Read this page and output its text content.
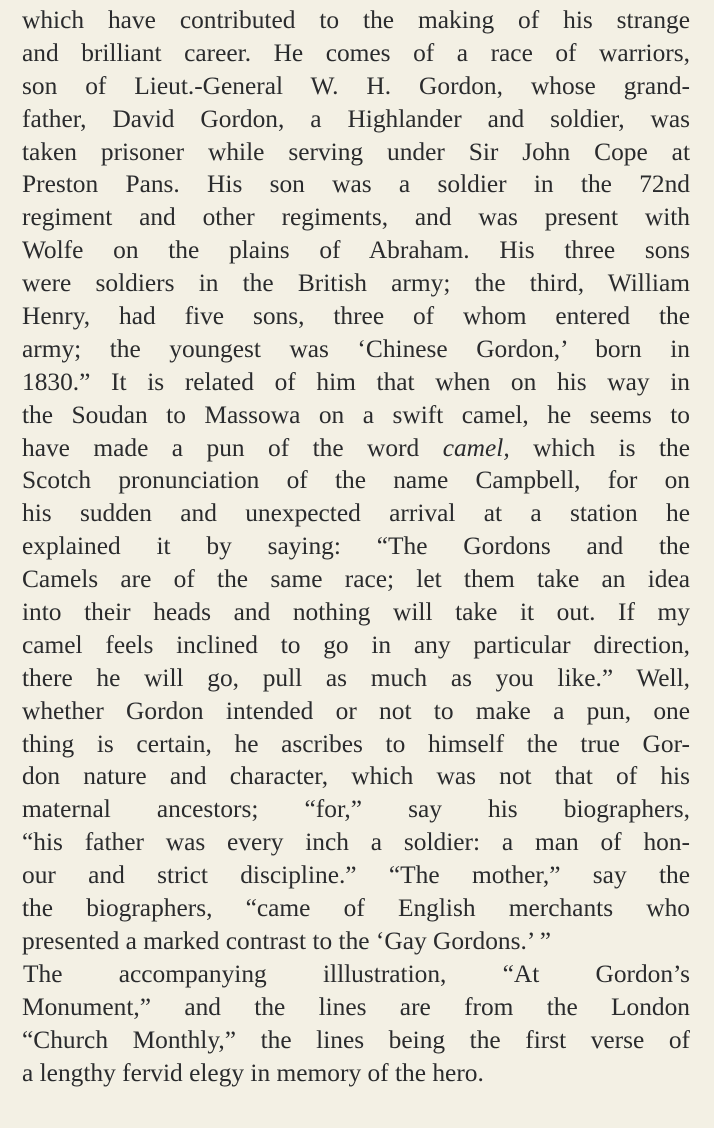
which have contributed to the making of his strange
and brilliant career. He comes of a race of warriors,
son of Lieut.-General W. H. Gordon, whose grand-
father, David Gordon, a Highlander and soldier, was
taken prisoner while serving under Sir John Cope at
Preston Pans. His son was a soldier in the 72nd
regiment and other regiments, and was present with
Wolfe on the plains of Abraham. His three sons
were soldiers in the British army; the third, William
Henry, had five sons, three of whom entered the
army; the youngest was ‘Chinese Gordon,’ born in
1830.” It is related of him that when on his way in
the Soudan to Massowa on a swift camel, he seems to
have made a pun of the word camel, which is the
Scotch pronunciation of the name Campbell, for on
his sudden and unexpected arrival at a station he
explained it by saying: “The Gordons and the
Camels are of the same race; let them take an idea
into their heads and nothing will take it out. If my
camel feels inclined to go in any particular direction,
there he will go, pull as much as you like.” Well,
whether Gordon intended or not to make a pun, one
thing is certain, he ascribes to himself the true Gor-
don nature and character, which was not that of his
maternal ancestors; “for,” say his biographers,
“his father was every inch a soldier: a man of hon-
our and strict discipline.” “The mother,” say the
the biographers, “came of English merchants who
presented a marked contrast to the ‘Gay Gordons.’ ”
The accompanying illlustration, “At Gordon’s
Monument,” and the lines are from the London
“Church Monthly,” the lines being the first verse of
a lengthy fervid elegy in memory of the hero.
